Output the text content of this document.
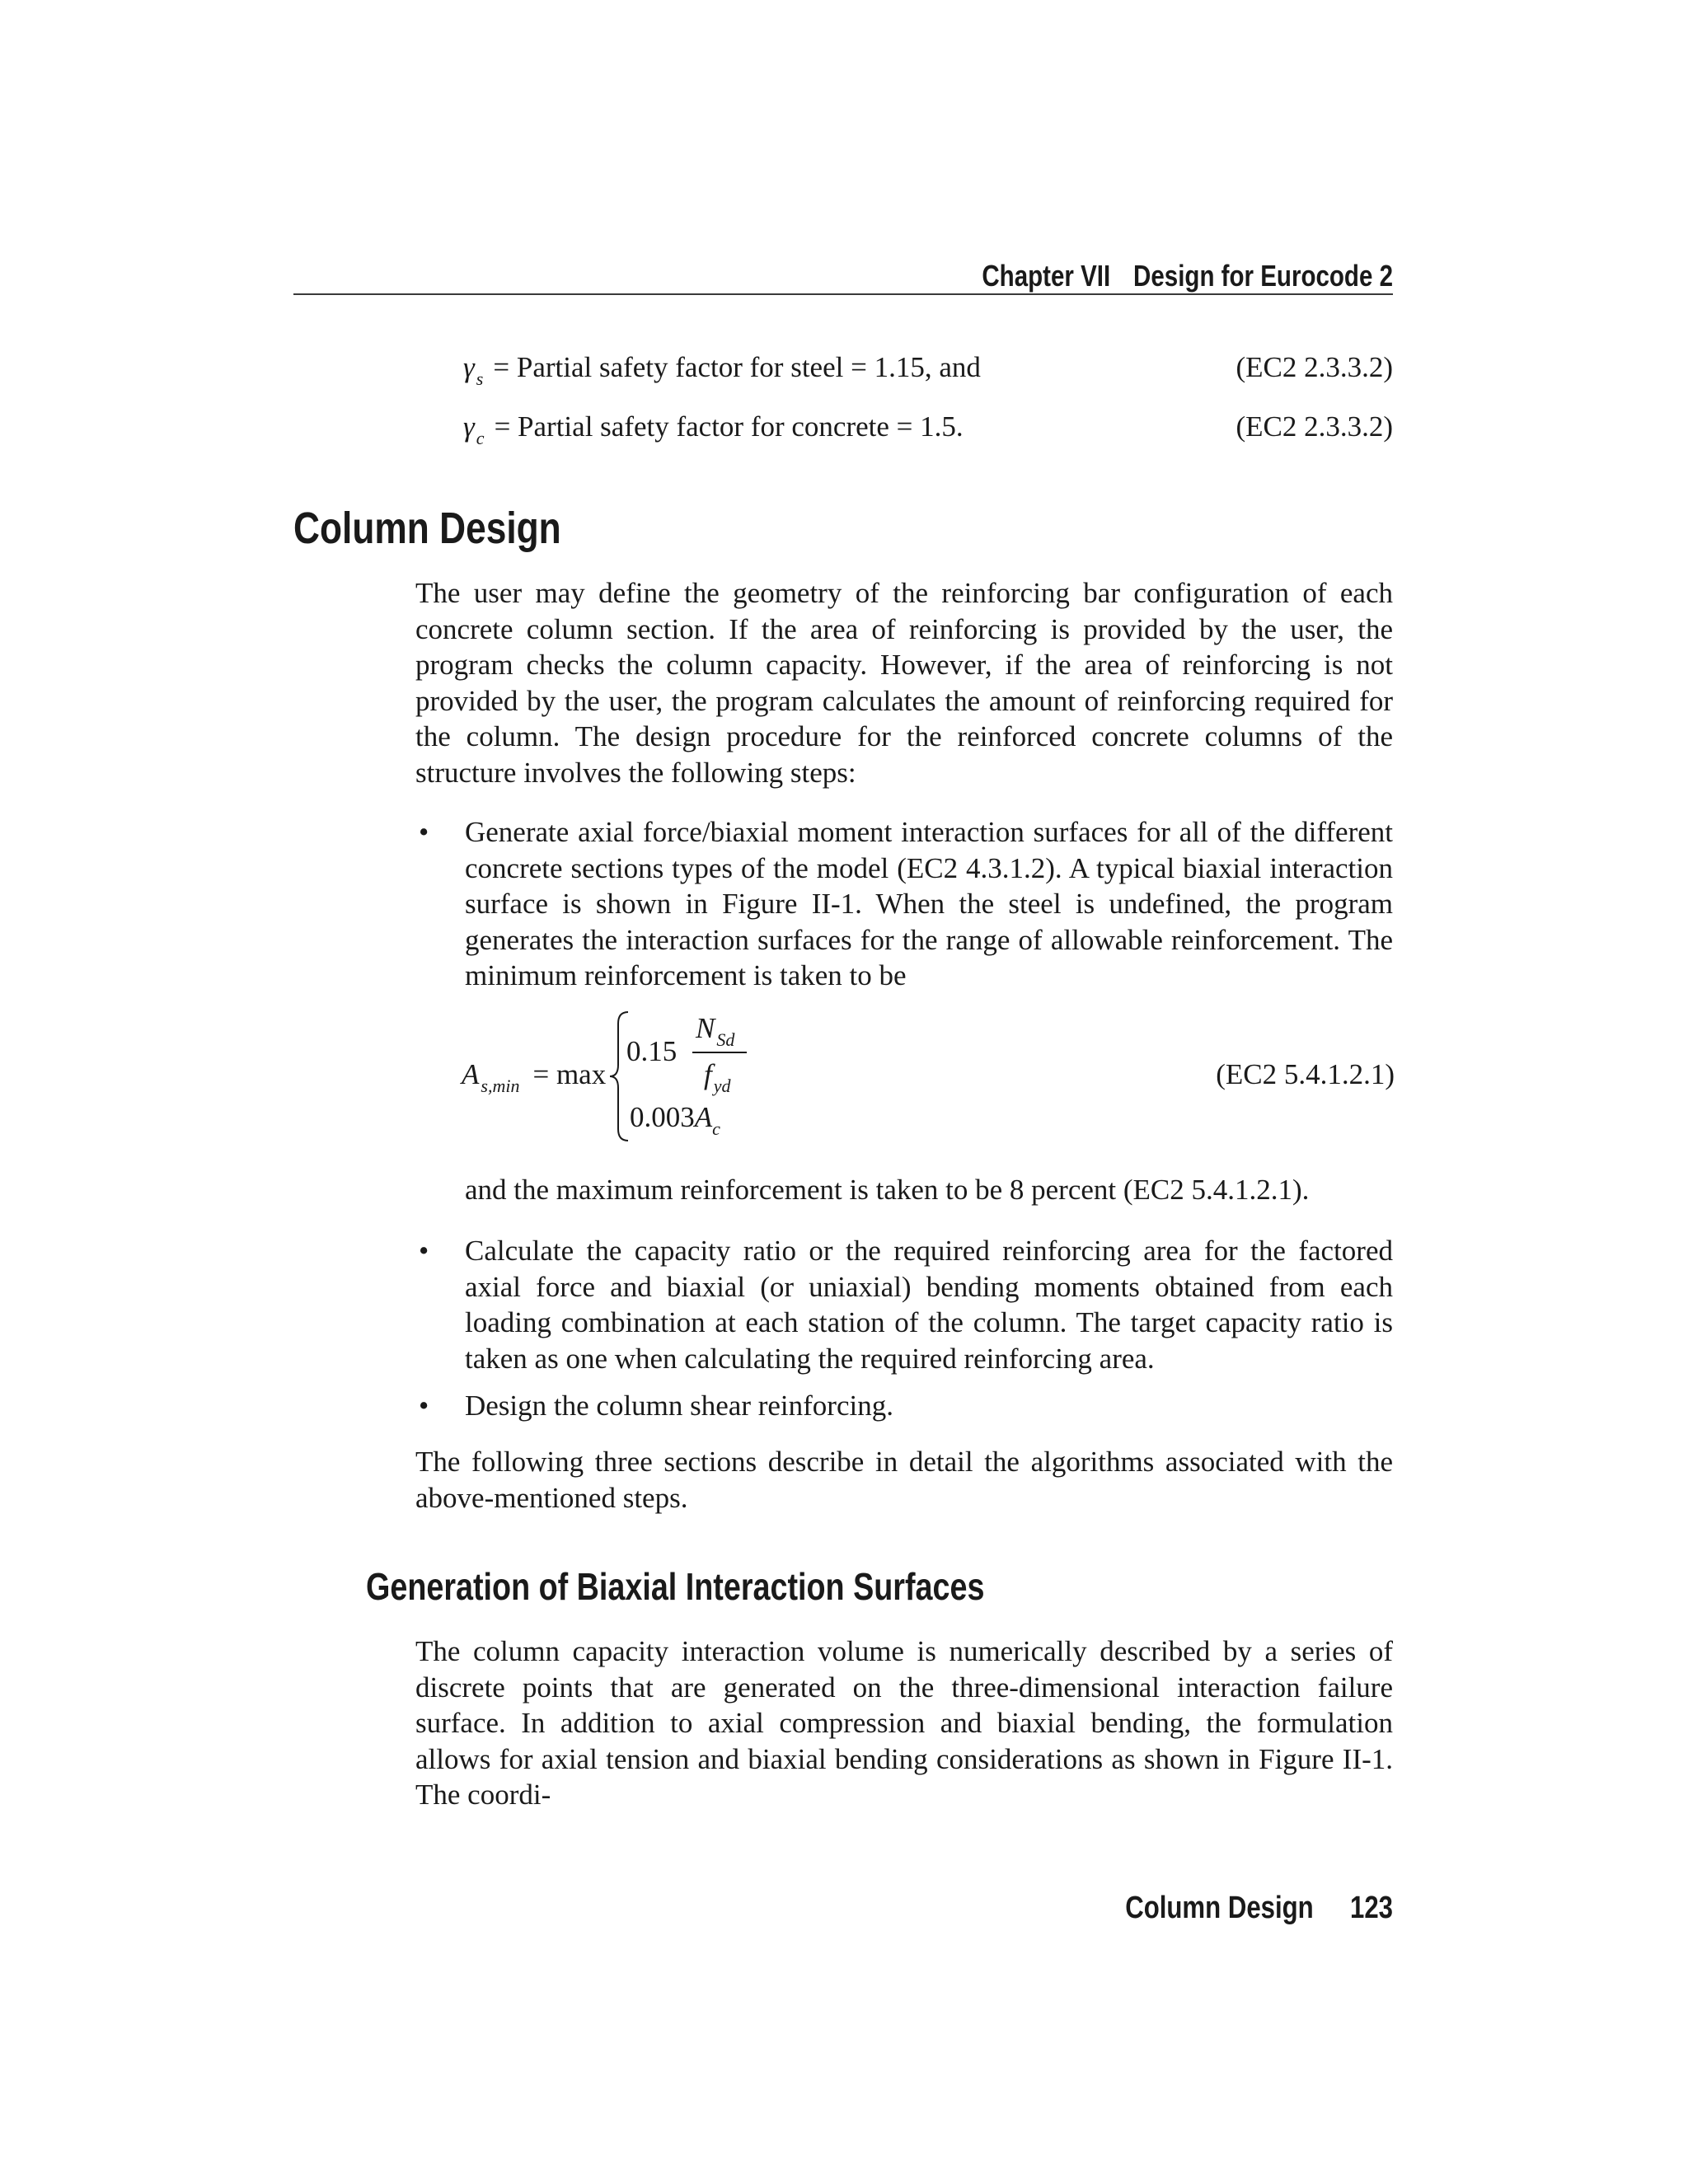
Chapter VII Design for Eurocode 2
$\gamma_s$ = Partial safety factor for steel = 1.15, and	(EC2 2.3.3.2)
$\gamma_c$ = Partial safety factor for concrete = 1.5.	(EC2 2.3.3.2)
Column Design
The user may define the geometry of the reinforcing bar configuration of each concrete column section. If the area of reinforcing is provided by the user, the program checks the column capacity. However, if the area of reinforcing is not provided by the user, the program calculates the amount of reinforcing required for the column. The design procedure for the reinforced concrete columns of the structure involves the following steps:
• Generate axial force/biaxial moment interaction surfaces for all of the different concrete sections types of the model (EC2 4.3.1.2). A typical biaxial interaction surface is shown in Figure II-1. When the steel is undefined, the program generates the interaction surfaces for the range of allowable reinforcement. The minimum reinforcement is taken to be
$A_{s,min} = \max$
0.15
$N_{Sd}$
$f_{yd}$
$0.003A_c$
(EC2 5.4.1.2.1)
and the maximum reinforcement is taken to be 8 percent (EC2 5.4.1.2.1).
• Calculate the capacity ratio or the required reinforcing area for the factored axial force and biaxial (or uniaxial) bending moments obtained from each loading combination at each station of the column. The target capacity ratio is taken as one when calculating the required reinforcing area.
• Design the column shear reinforcing.
The following three sections describe in detail the algorithms associated with the above-mentioned steps.
Generation of Biaxial Interaction Surfaces
The column capacity interaction volume is numerically described by a series of discrete points that are generated on the three-dimensional interaction failure surface. In addition to axial compression and biaxial bending, the formulation allows for axial tension and biaxial bending considerations as shown in Figure II-1. The coordi-
Column Design 123
